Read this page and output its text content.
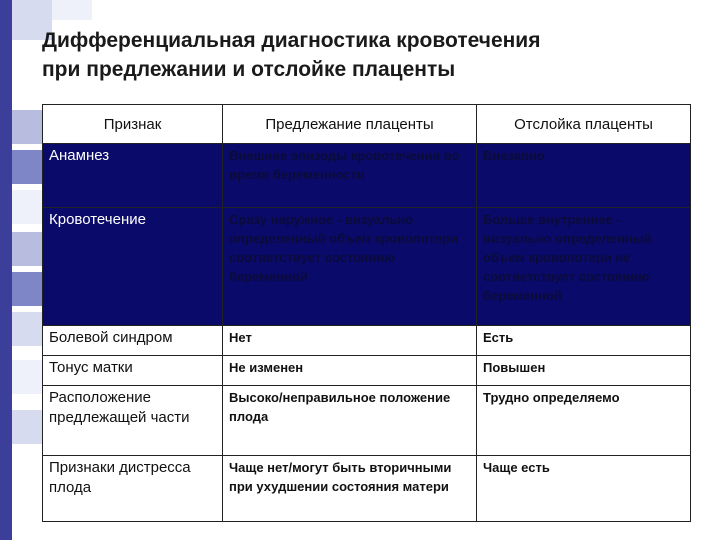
Дифференциальная диагностика кровотечения
при предлежании и отслойке плаценты
Признак	Предлежание плаценты	Отслойка плаценты
Анамнез	Внешние эпизоды кровотечения во время беременности	Внезапно
Кровотечение	Сразу наружное - визуально определенный объем кровопотери соответствует состоянию беременной	Больше внутреннее - визуально определенный объем кровопотери не соответствует состоянию беременной
Болевой синдром	Нет	Есть
Тонус матки	Не изменен	Повышен
Расположение предлежащей части	Высоко/неправильное положение плода	Трудно определяемо
Признаки дистресса плода	Чаще нет/могут быть вторичными при ухудшении состояния матери	Чаще есть
